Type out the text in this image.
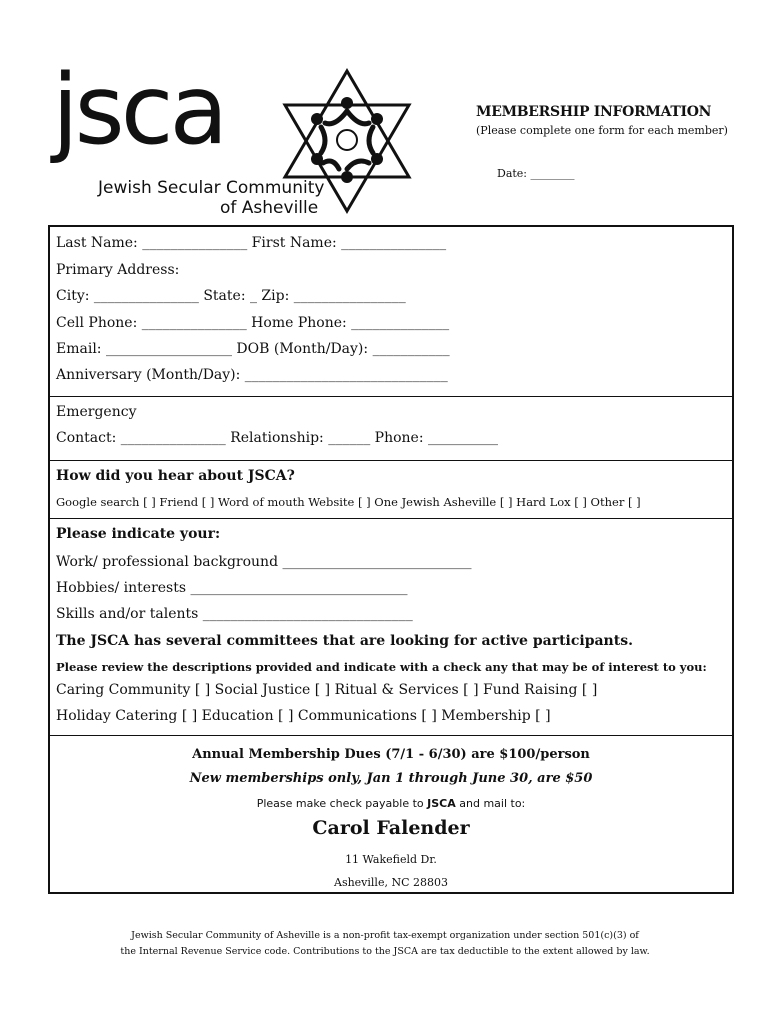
jsca
Jewish Secular Community
of Asheville
MEMBERSHIP INFORMATION
(Please complete one form for each member)
Date: ________
Last Name: _______________ First Name: _______________
Primary Address:
City: _______________ State: _ Zip: ________________
Cell Phone: _______________ Home Phone: ______________
Email: __________________ DOB (Month/Day): ___________
Anniversary (Month/Day): _____________________________
Emergency
Contact: _______________ Relationship: ______ Phone: __________
How did you hear about JSCA?
Google search [ ] Friend [ ] Word of mouth Website [ ] One Jewish Asheville [ ] Hard Lox [ ] Other [ ]
Please indicate your:
Work/ professional background ___________________________
Hobbies/ interests _______________________________
Skills and/or talents ______________________________
The JSCA has several committees that are looking for active participants.
Please review the descriptions provided and indicate with a check any that may be of interest to you:
Caring Community [ ] Social Justice [ ] Ritual & Services [ ] Fund Raising [ ]
Holiday Catering [ ] Education [ ] Communications [ ] Membership [ ]
Annual Membership Dues (7/1 - 6/30) are $100/person
New memberships only, Jan 1 through June 30, are $50
Please make check payable to JSCA and mail to:
Carol Falender
11 Wakefield Dr.
Asheville, NC 28803
Jewish Secular Community of Asheville is a non-profit tax-exempt organization under section 501(c)(3) of
the Internal Revenue Service code. Contributions to the JSCA are tax deductible to the extent allowed by law.
